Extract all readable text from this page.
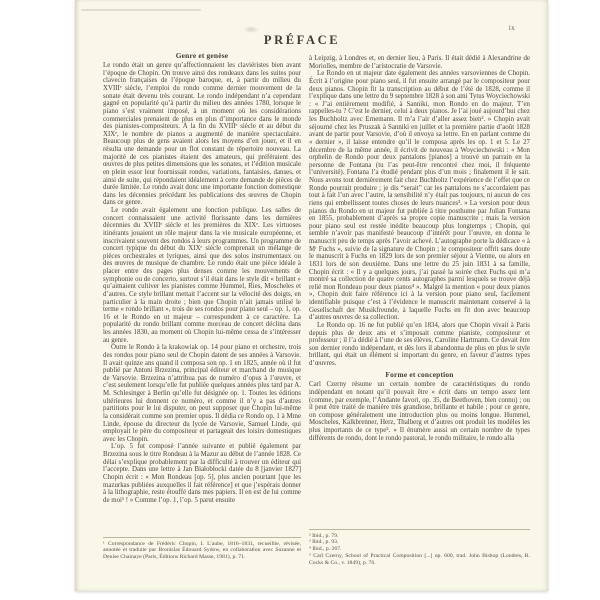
ix
PRÉFACE
Genre et genèse

Le rondo était un genre qu’affectionnaient les claviéristes bien avant l’époque de Chopin. On trouve ainsi des rondeaux dans les suites pour clavecin françaises de l’époque baroque, et, à partir du milieu du XVIIIᵉ siècle, l’emploi du rondo comme dernier mouvement de la sonate était devenu très courant. Le rondo indépendant n’a cependant gagné en popularité qu’à partir du milieu des années 1780, lorsque le piano s’est vraiment imposé, à un moment où les considérations commerciales prenaient de plus en plus d’importance dans le monde des pianistes-compositeurs. À la fin du XVIIIᵉ siècle et au début du XIXᵉ, le nombre de pianos a augmenté de manière spectaculaire. Beaucoup plus de gens avaient alors les moyens d’en jouer, et il en résulta une demande pour un flot constant de répertoire nouveau. La majorité de ces pianistes étaient des amateurs, qui préféraient des œuvres de plus petites dimensions que les sonates, et l’édition musicale en plein essor leur fournissait rondos, variations, fantaisies, danses, et ainsi de suite, qui répondaient idéalement à cette demande de pièces de durée limitée. Le rondo avait donc une importante fonction domestique dans les décennies précédant les publications des œuvres de Chopin dans ce genre.

Le rondo avait également une fonction publique. Les salles de concert connaissaient une activité florissante dans les dernières décennies du XVIIIᵉ siècle et les premières du XIXᵉ. Les virtuoses itinérants jouaient un rôle majeur dans la vie musicale européenne, et inscrivaient souvent des rondos à leurs programmes. Un programme de concert typique du début du XIXᵉ siècle comprenait un mélange de pièces orchestrales et lyriques, ainsi que des solos instrumentaux ou des œuvres de musique de chambre. Le rondo était une pièce idéale à placer entre des pages plus denses comme les mouvements de symphonie ou de concerto, surtout s’il était dans le style dit « brillant » qu’aimaient cultiver les pianistes comme Hummel, Ries, Moscheles et d’autres. Ce style brillant mettait l’accent sur la vélocité des doigts, en particulier à la main droite ; bien que Chopin n’ait jamais utilisé le terme « rondo brillant », trois de ses rondos pour piano seul – op. 1, op. 16 et le Rondo en ut majeur – correspondent à ce caractère. La popularité du rondo brillant comme morceau de concert déclina dans les années 1830, au moment où Chopin lui-même cessa de s’intéresser au genre.

Outre le Rondo à la krakowiak op. 14 pour piano et orchestre, trois des rondos pour piano seul de Chopin datent de ses années à Varsovie. Il avait quinze ans quand il composa son op. 1 en 1825, année où il fut publié par Antoni Brzezina, principal éditeur et marchand de musique de Varsovie. Brzezina n’attribua pas de numéro d’opus à l’œuvre, et c’est seulement lorsqu’elle fut publiée quelques années plus tard par A. M. Schlesinger à Berlin qu’elle fut désignée op. 1. Toutes les éditions ultérieures lui donnent ce numéro, et comme il n’y a pas d’autres partitions pour le lui disputer, on peut supposer que Chopin lui-même la considérait comme son premier opus. Il dédia ce Rondo op. 1 à Mme Linde, épouse du directeur du lycée de Varsovie, Samuel Linde, qui employait le père du compositeur et partageait des loisirs domestiques avec les Chopin.

L’op. 5 fut composé l’année suivante et publié également par Brzezina sous le titre Rondeau à la Mazur au début de l’année 1828. Ce délai s’explique probablement par la difficulté à trouver un éditeur qui l’accepte. Dans une lettre à Jan Białobłocki datée du 8 [janvier 1827] Chopin écrit : « Mon Rondeau [op. 5], plus ancien pourtant [que les mazurkas publiées auxquelles il fait référence] et que j’espérais donner à la lithographie, reste étouffé dans mes papiers. Il en est de lui comme de moi¹ ! » Comme l’op. 1, l’op. 5 parut ensuite

¹ Correspondance de Frédéric Chopin, I. L’aube, 1816–1831, recueillie, révisée, annotée et traduite par Bronislas Édouard Sydow, en collaboration avec Suzanne et Denise Chainaye (Paris, Éditions Richard Masse, 1981), p. 71.

à Leipzig, à Londres et, en dernier lieu, à Paris. Il était dédié à Alexandrine de Moriolles, membre de l’aristocratie de Varsovie.

Le Rondo en ut majeur date également des années varsoviennes de Chopin. Écrit à l’origine pour piano seul, il fut ensuite arrangé par le compositeur pour deux pianos. Chopin fit la transcription au début de l’été de 1828, comme il l’explique dans une lettre du 9 septembre 1828 à son ami Tytus Woyciechowski : « J’ai entièrement modifié, à Sanniki, mon Rondo en do majeur. T’en rappelles-tu ? C’est le dernier, celui à deux pianos. Je l’ai joué aujourd’hui chez les Buchholtz avec Ernemann. Il m’a l’air d’aller assez bien². » Chopin avait séjourné chez les Pruszak à Sanniki en juillet et la première partie d’août 1828 avant de partir pour Varsovie, d’où il envoya sa lettre. En en parlant comme du « dernier », il laisse entendre qu’il le composa après les op. 1 et 5. Le 27 décembre de la même année, il écrivit de nouveau à Woyciechowski : « Mon orphelin de Rondo pour deux pantalons [pianos] a trouvé un parrain en la personne de Fontana (tu l’as peut-être rencontré chez moi, il fréquente l’université). Fontana l’a étudié pendant plus d’un mois ; finalement il le sait. Nous avons tout dernièrement fait chez Buchholtz l’expérience de l’effet que ce Rondo pourrait produire ; je dis “serait” car les pantalons ne s’accordaient pas tout à fait l’un avec l’autre, la sensibilité n’y était pas toujours, ni aucun de ces riens qui embellissent toutes choses de leurs nuances³. » La version pour deux pianos du Rondo en ut majeur fut publiée à titre posthume par Julian Fontana en 1855, probablement d’après sa propre copie manuscrite ; mais la version pour piano seul est restée inédite beaucoup plus longtemps ; Chopin, qui semble n’avoir pas manifesté beaucoup d’intérêt pour l’œuvre, en donna le manuscrit peu de temps après l’avoir achevé. L’autographe porte la dédicace « à Mʳ Fuchs », suivie de la signature de Chopin ; le compositeur offrit sans doute le manuscrit à Fuchs en 1829 lors de son premier séjour à Vienne, ou alors en 1831 lors de son deuxième. Dans une lettre du 25 juin 1831 à sa famille, Chopin écrit : « Il y a quelques jours, j’ai passé la soirée chez Fuchs qui m’a montré sa collection de quatre cents autographes parmi lesquels se trouve déjà relié mon Rondeau pour deux pianos⁴ ». Malgré la mention « pour deux pianos », Chopin doit faire référence ici à la version pour piano seul, facilement identifiable puisque c’est à l’évidence le manuscrit maintenant conservé à la Gesellschaft der Musikfreunde, à laquelle Fuchs en fit don avec beaucoup d’autres œuvres de sa collection.

Le Rondo op. 16 ne fut publié qu’en 1834, alors que Chopin vivait à Paris depuis plus de deux ans et s’imposait comme pianiste, compositeur et professeur ; il l’a dédié à l’une de ses élèves, Caroline Hartmann. Ce devait être son dernier rondo indépendant, et dès lors il abandonna de plus en plus le style brillant, qui était un élément si important du genre, en faveur d’autres types d’œuvres.

Forme et conception

Carl Czerny résume un certain nombre de caractéristiques du rondo indépendant en notant qu’il pouvait être « écrit dans un tempo assez lent (comme, par exemple, l’Andante favori, op. 35, de Beethoven, bien connu) ; ou il peut être traité de manière très grandiose, brillante et habile ; pour ce genre, on compose généralement une introduction plus ou moins longue. Hummel, Moscheles, Kalkbrenner, Herz, Thalberg et d’autres ont produit les modèles les plus importants de ce type⁵. » Il énumère aussi un certain nombre de types différents de rondo, dont le rondo pastoral, le rondo militaire, le rondo alla

² Ibid., p. 79.
³ Ibid., p. 93.
⁴ Ibid., p. 267.
⁵ Carl Czerny, School of Practical Composition [...] op. 600, trad. John Bishop (Londres, R. Cocks & Co., v. 1849), p. 76.
